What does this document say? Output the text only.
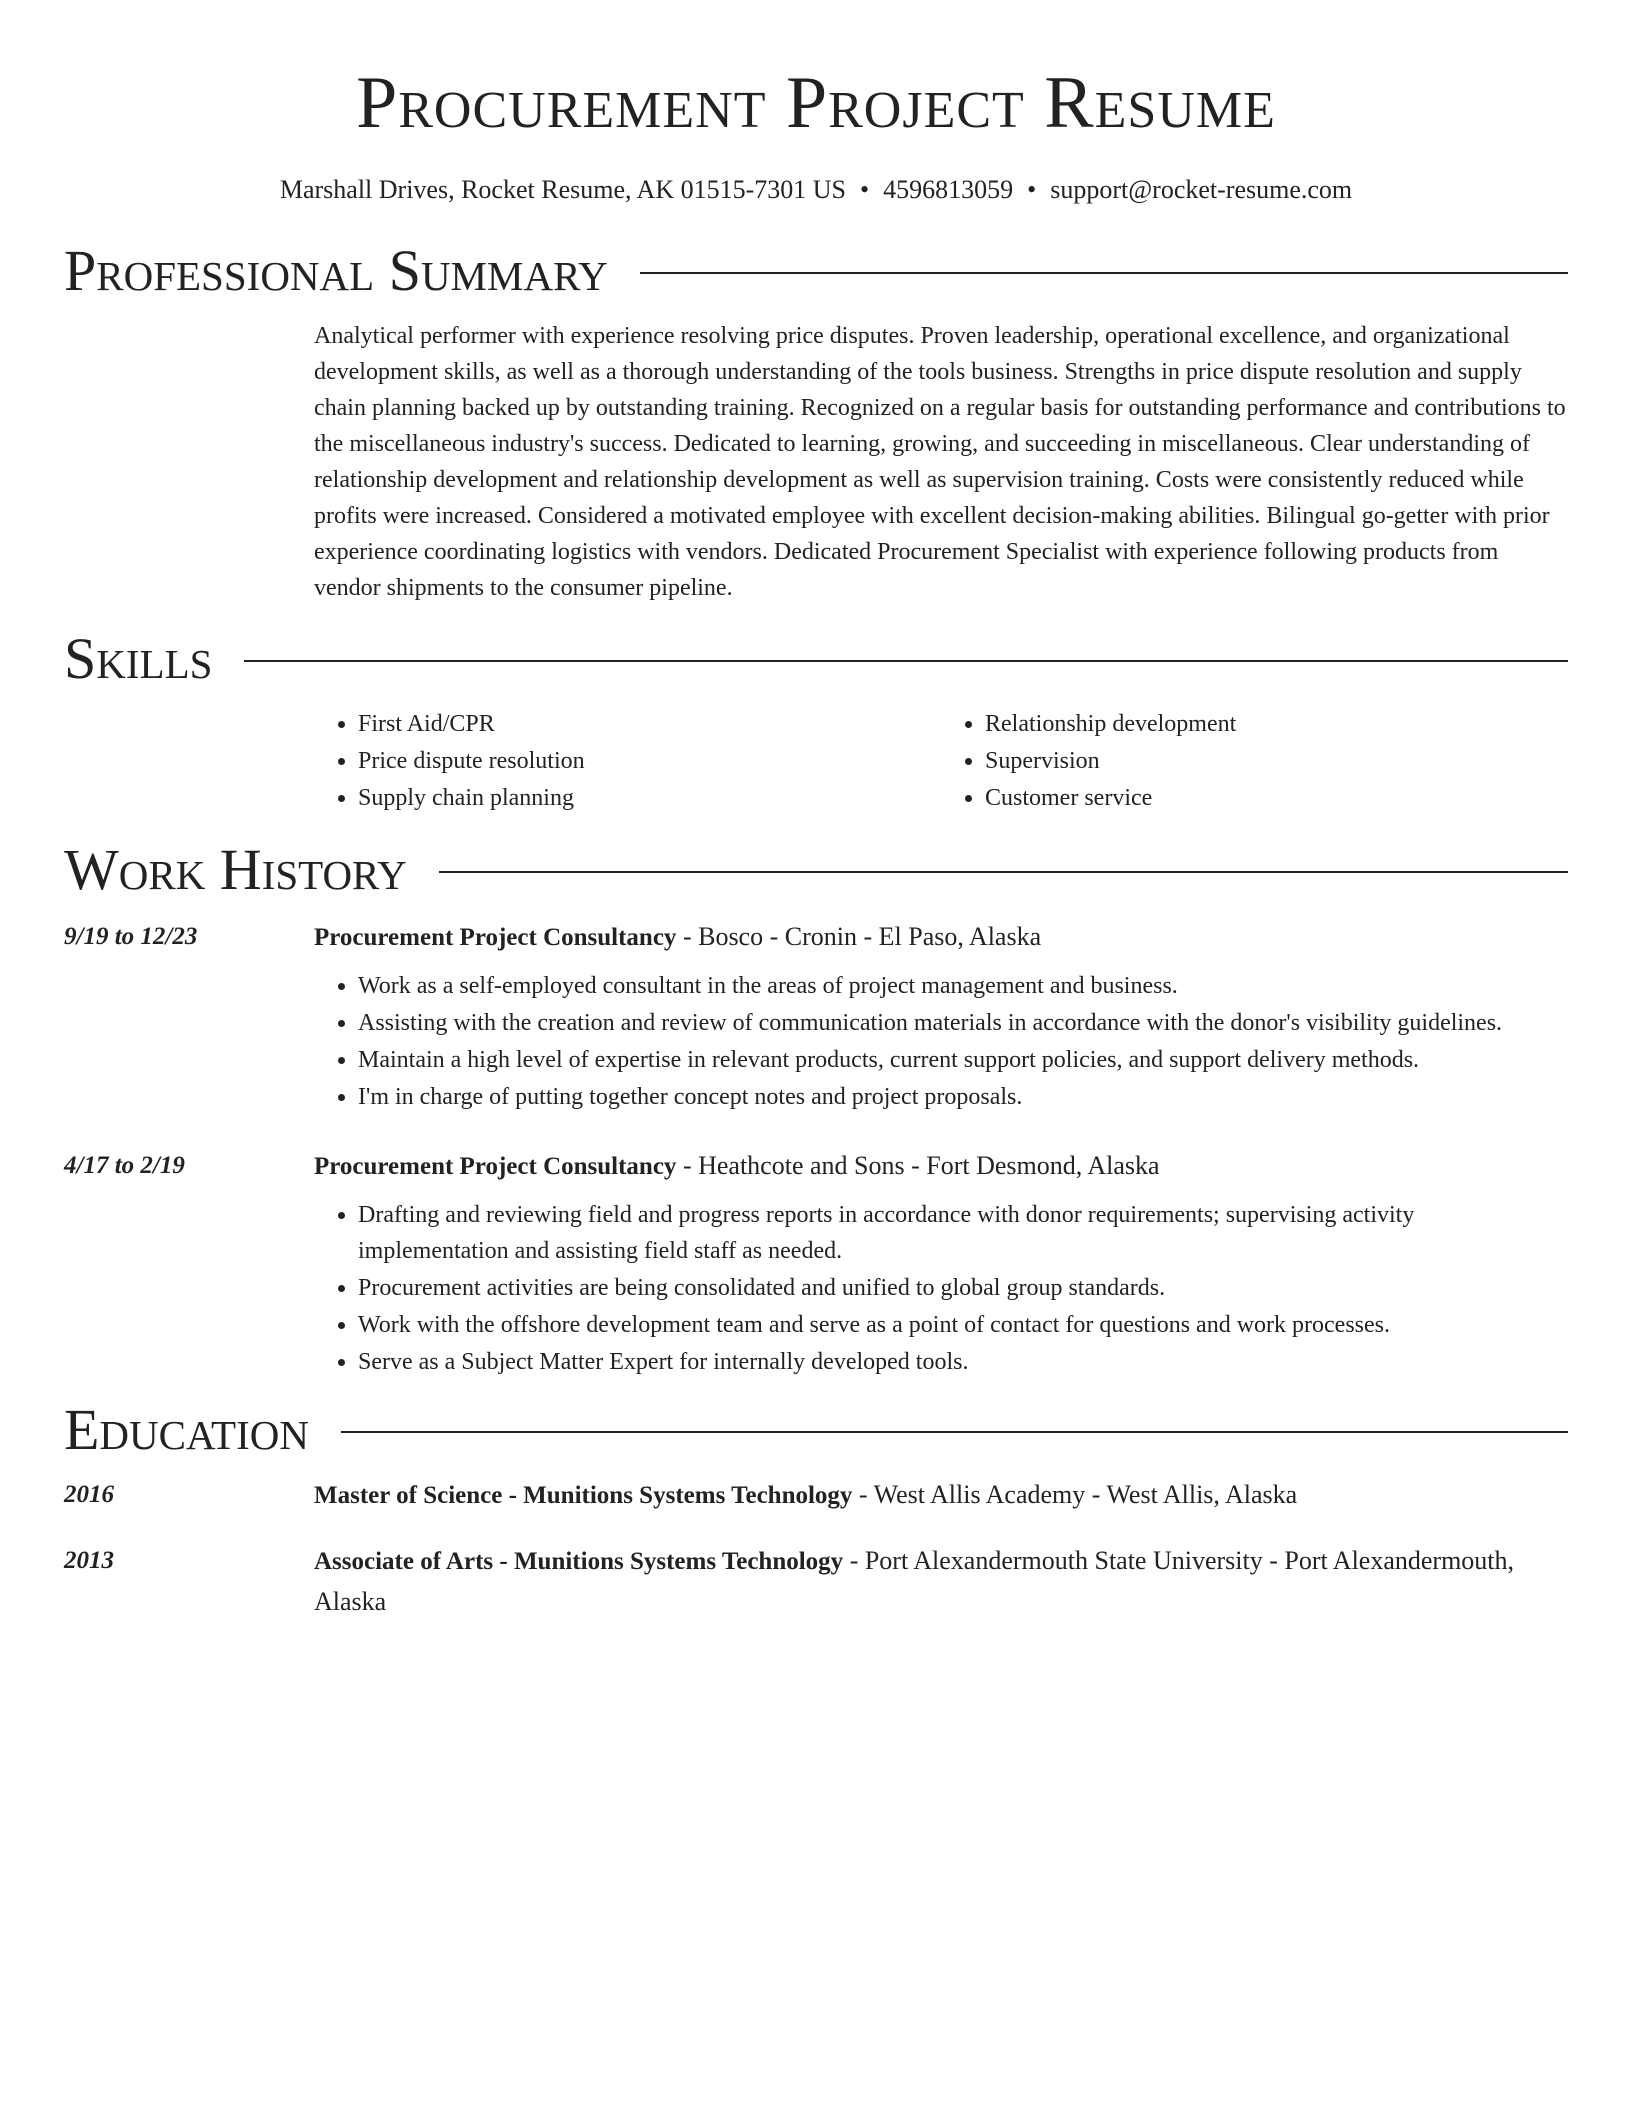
Procurement Project Resume
Marshall Drives, Rocket Resume, AK 01515-7301 US • 4596813059 • support@rocket-resume.com
Professional Summary
Analytical performer with experience resolving price disputes. Proven leadership, operational excellence, and organizational development skills, as well as a thorough understanding of the tools business. Strengths in price dispute resolution and supply chain planning backed up by outstanding training. Recognized on a regular basis for outstanding performance and contributions to the miscellaneous industry's success. Dedicated to learning, growing, and succeeding in miscellaneous. Clear understanding of relationship development and relationship development as well as supervision training. Costs were consistently reduced while profits were increased. Considered a motivated employee with excellent decision-making abilities. Bilingual go-getter with prior experience coordinating logistics with vendors. Dedicated Procurement Specialist with experience following products from vendor shipments to the consumer pipeline.
Skills
• First Aid/CPR
• Price dispute resolution
• Supply chain planning
• Relationship development
• Supervision
• Customer service
Work History
9/19 to 12/23	Procurement Project Consultancy - Bosco - Cronin - El Paso, Alaska
• Work as a self-employed consultant in the areas of project management and business.
• Assisting with the creation and review of communication materials in accordance with the donor's visibility guidelines.
• Maintain a high level of expertise in relevant products, current support policies, and support delivery methods.
• I'm in charge of putting together concept notes and project proposals.
4/17 to 2/19	Procurement Project Consultancy - Heathcote and Sons - Fort Desmond, Alaska
• Drafting and reviewing field and progress reports in accordance with donor requirements; supervising activity implementation and assisting field staff as needed.
• Procurement activities are being consolidated and unified to global group standards.
• Work with the offshore development team and serve as a point of contact for questions and work processes.
• Serve as a Subject Matter Expert for internally developed tools.
Education
2016	Master of Science - Munitions Systems Technology - West Allis Academy - West Allis, Alaska
2013	Associate of Arts - Munitions Systems Technology - Port Alexandermouth State University - Port Alexandermouth, Alaska
